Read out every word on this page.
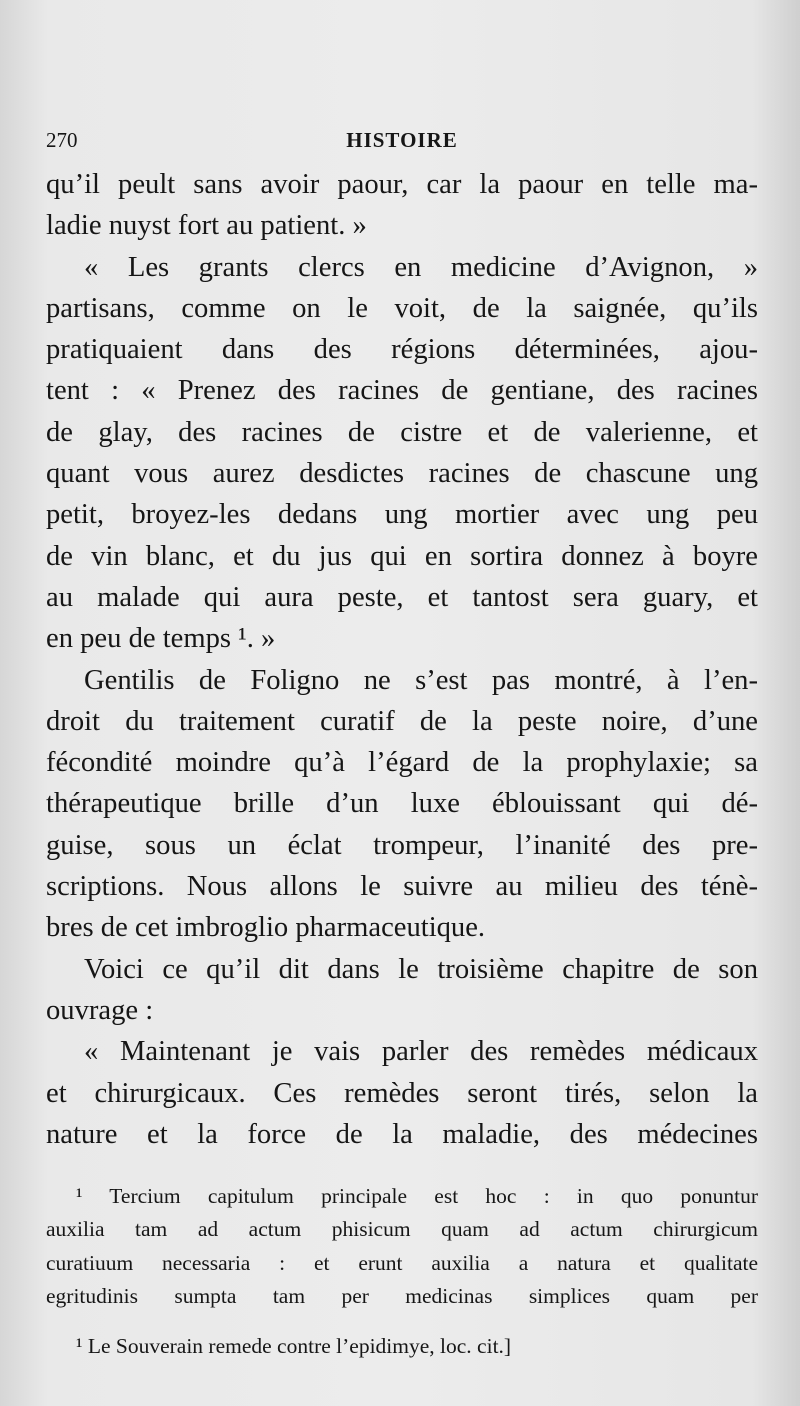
270	HISTOIRE
qu’il peult sans avoir paour, car la paour en telle ma-
ladie nuyst fort au patient. »
« Les grants clercs en medicine d’Avignon, »
partisans, comme on le voit, de la saignée, qu’ils
pratiquaient dans des régions déterminées, ajou-
tent : « Prenez des racines de gentiane, des racines
de glay, des racines de cistre et de valerienne, et
quant vous aurez desdictes racines de chascune ung
petit, broyez-les dedans ung mortier avec ung peu
de vin blanc, et du jus qui en sortira donnez à boyre
au malade qui aura peste, et tantost sera guary, et
en peu de temps ¹. »
Gentilis de Foligno ne s’est pas montré, à l’en-
droit du traitement curatif de la peste noire, d’une
fécondité moindre qu’à l’égard de la prophylaxie; sa
thérapeutique brille d’un luxe éblouissant qui dé-
guise, sous un éclat trompeur, l’inanité des pre-
scriptions. Nous allons le suivre au milieu des ténè-
bres de cet imbroglio pharmaceutique.
Voici ce qu’il dit dans le troisième chapitre de son
ouvrage :
« Maintenant je vais parler des remèdes médicaux
et chirurgicaux. Ces remèdes seront tirés, selon la
nature et la force de la maladie, des médecines
¹ Tercium capitulum principale est hoc : in quo ponuntur
auxilia tam ad actum phisicum quam ad actum chirurgicum
curatiuum necessaria : et erunt auxilia a natura et qualitate
egritudinis sumpta tam per medicinas simplices quam per
¹ Le Souverain remede contre l’epidimye, loc. cit.]
